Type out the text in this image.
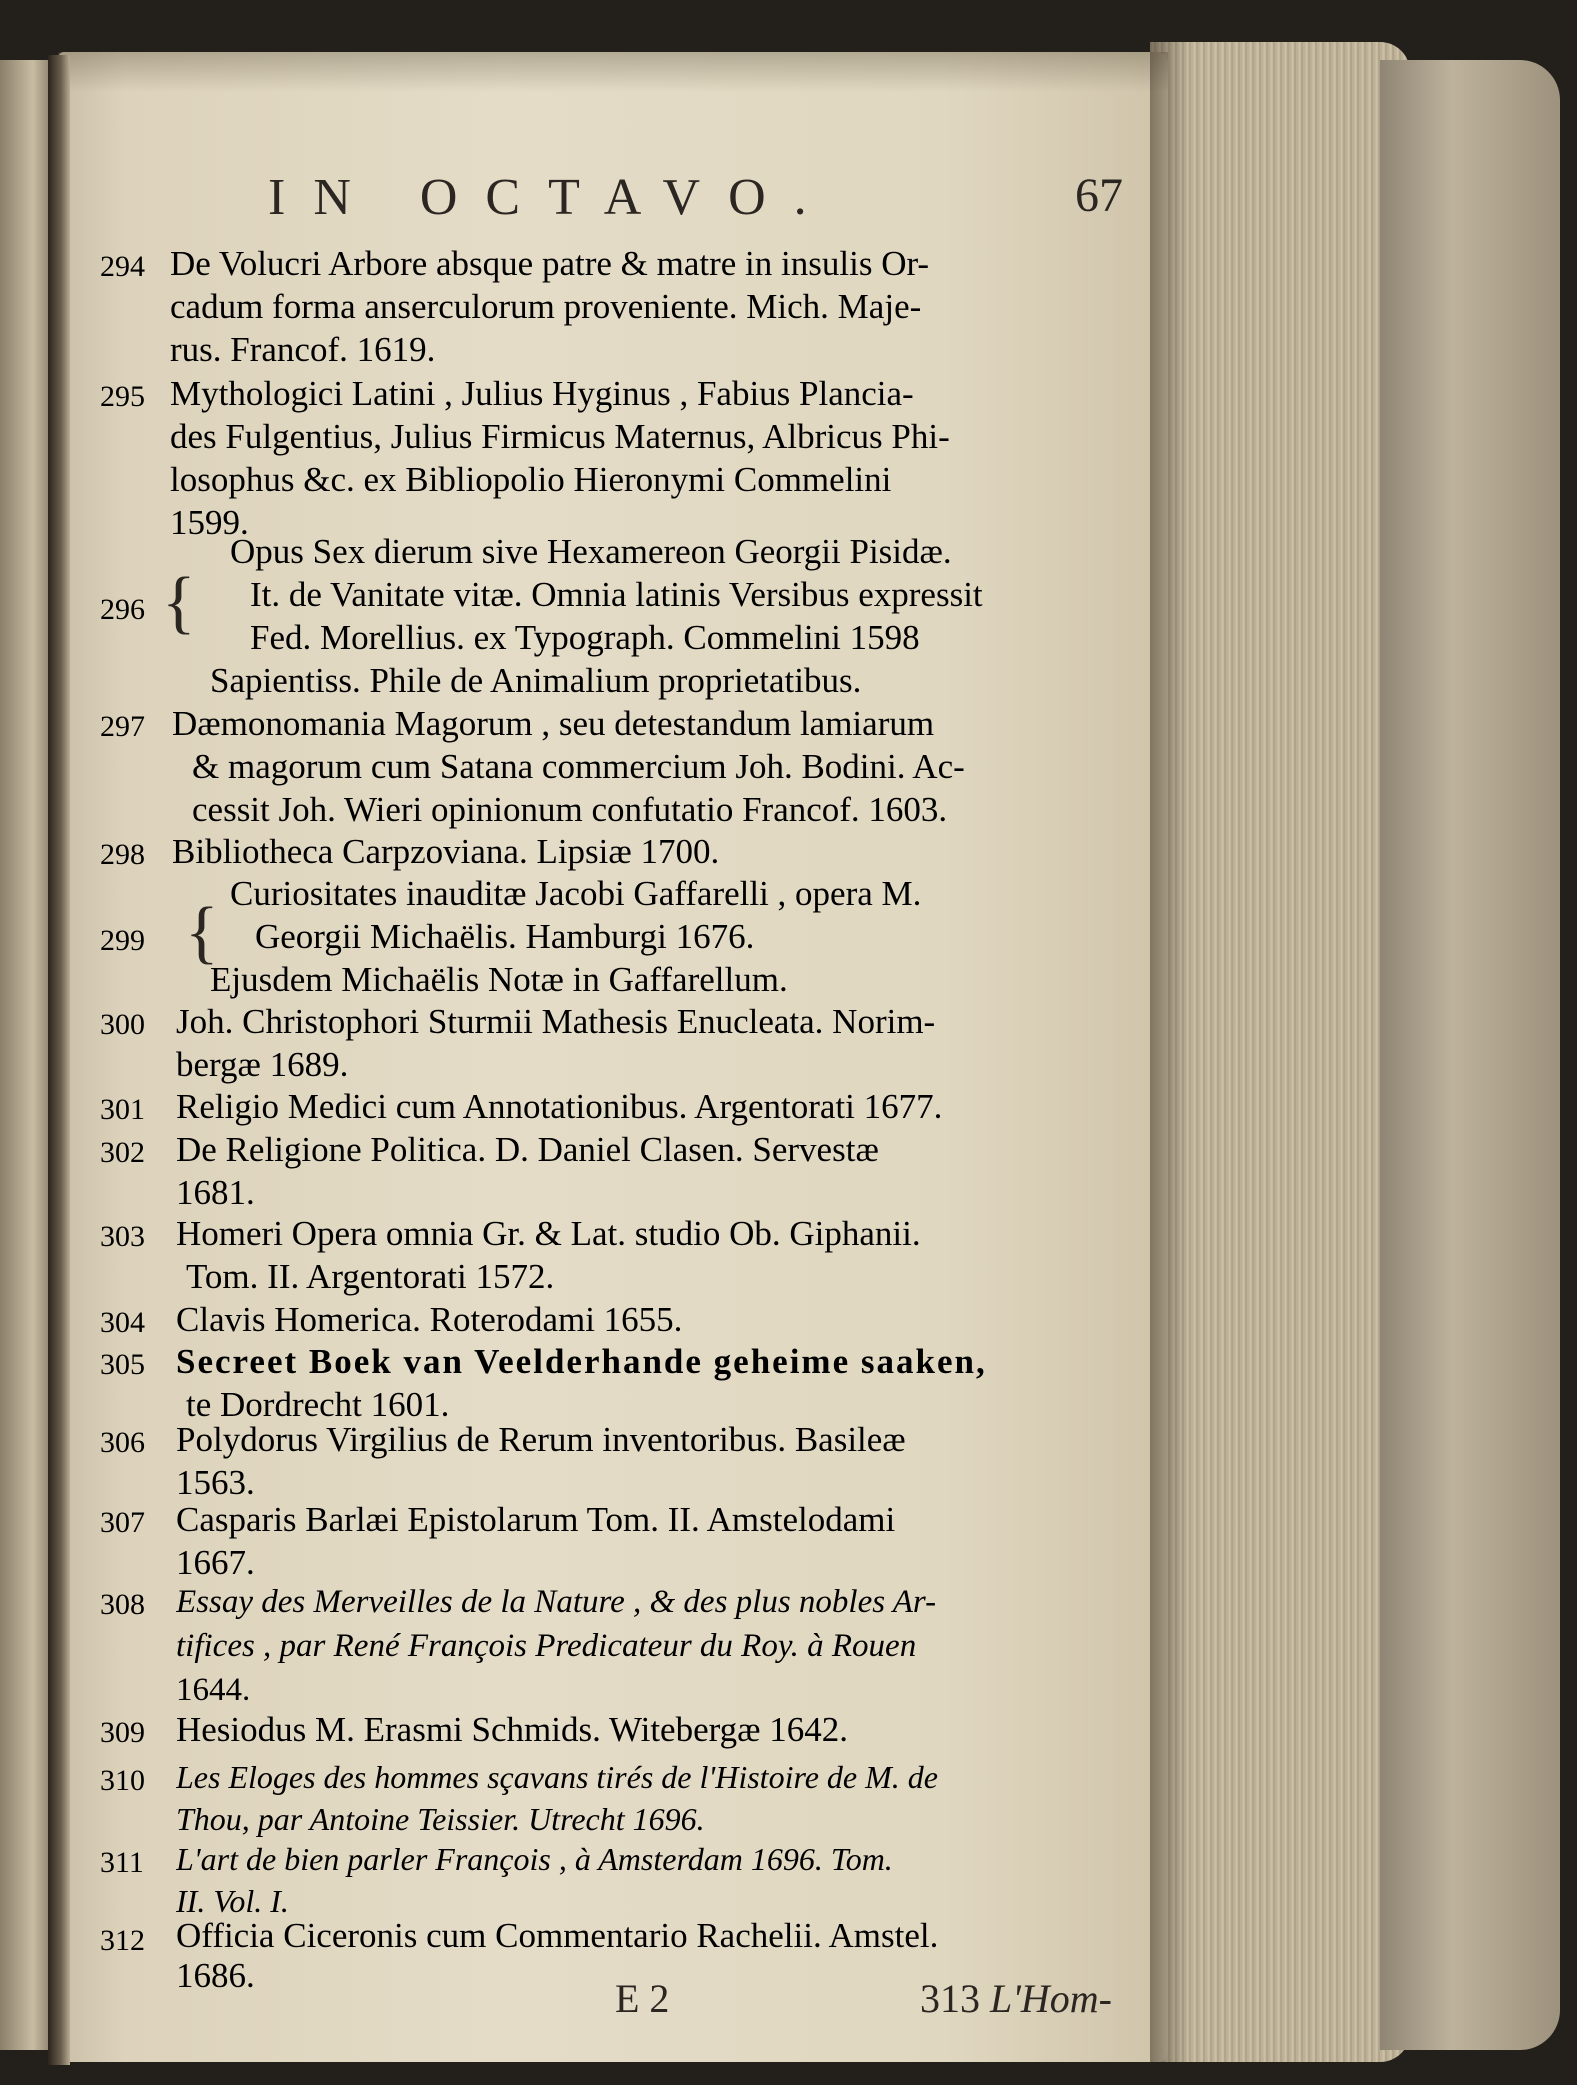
IN OCTAVO.	67
294 De Volucri Arbore absque patre & matre in insulis Or-
cadum forma anserculorum proveniente. Mich. Maje-
rus. Francof. 1619.
295 Mythologici Latini , Julius Hyginus , Fabius Plancia-
des Fulgentius, Julius Firmicus Maternus, Albricus Phi-
losophus &c. ex Bibliopolio Hieronymi Commelini
1599.
296 {
Opus Sex dierum sive Hexamereon Georgii Pisidæ.
It. de Vanitate vitæ. Omnia latinis Versibus expressit
Fed. Morellius. ex Typograph. Commelini 1598
Sapientiss. Phile de Animalium proprietatibus.
297 Dæmonomania Magorum , seu detestandum lamiarum
& magorum cum Satana commercium Joh. Bodini. Ac-
cessit Joh. Wieri opinionum confutatio Francof. 1603.
298 Bibliotheca Carpzoviana. Lipsiæ 1700.
299 {
Curiositates inauditæ Jacobi Gaffarelli , opera M.
Georgii Michaëlis. Hamburgi 1676.
Ejusdem Michaëlis Notæ in Gaffarellum.
300 Joh. Christophori Sturmii Mathesis Enucleata. Norim-
bergæ 1689.
301 Religio Medici cum Annotationibus. Argentorati 1677.
302 De Religione Politica. D. Daniel Clasen. Servestæ
1681.
303 Homeri Opera omnia Gr. & Lat. studio Ob. Giphanii.
Tom. II. Argentorati 1572.
304 Clavis Homerica. Roterodami 1655.
305 Secreet Boek van Veelderhande geheime saaken,
te Dordrecht 1601.
306 Polydorus Virgilius de Rerum inventoribus. Basileæ
1563.
307 Casparis Barlæi Epistolarum Tom. II. Amstelodami
1667.
308 Essay des Merveilles de la Nature , & des plus nobles Ar-
tifices , par René François Predicateur du Roy. à Rouen
1644.
309 Hesiodus M. Erasmi Schmids. Witebergæ 1642.
310 Les Eloges des hommes sçavans tirés de l'Histoire de M. de
Thou, par Antoine Teissier. Utrecht 1696.
311	L'art de bien parler François , à Amsterdam 1696. Tom.
II. Vol. I.
312 Officia Ciceronis cum Commentario Rachelii. Amstel.
1686.
E 2	313 L'Hom-
